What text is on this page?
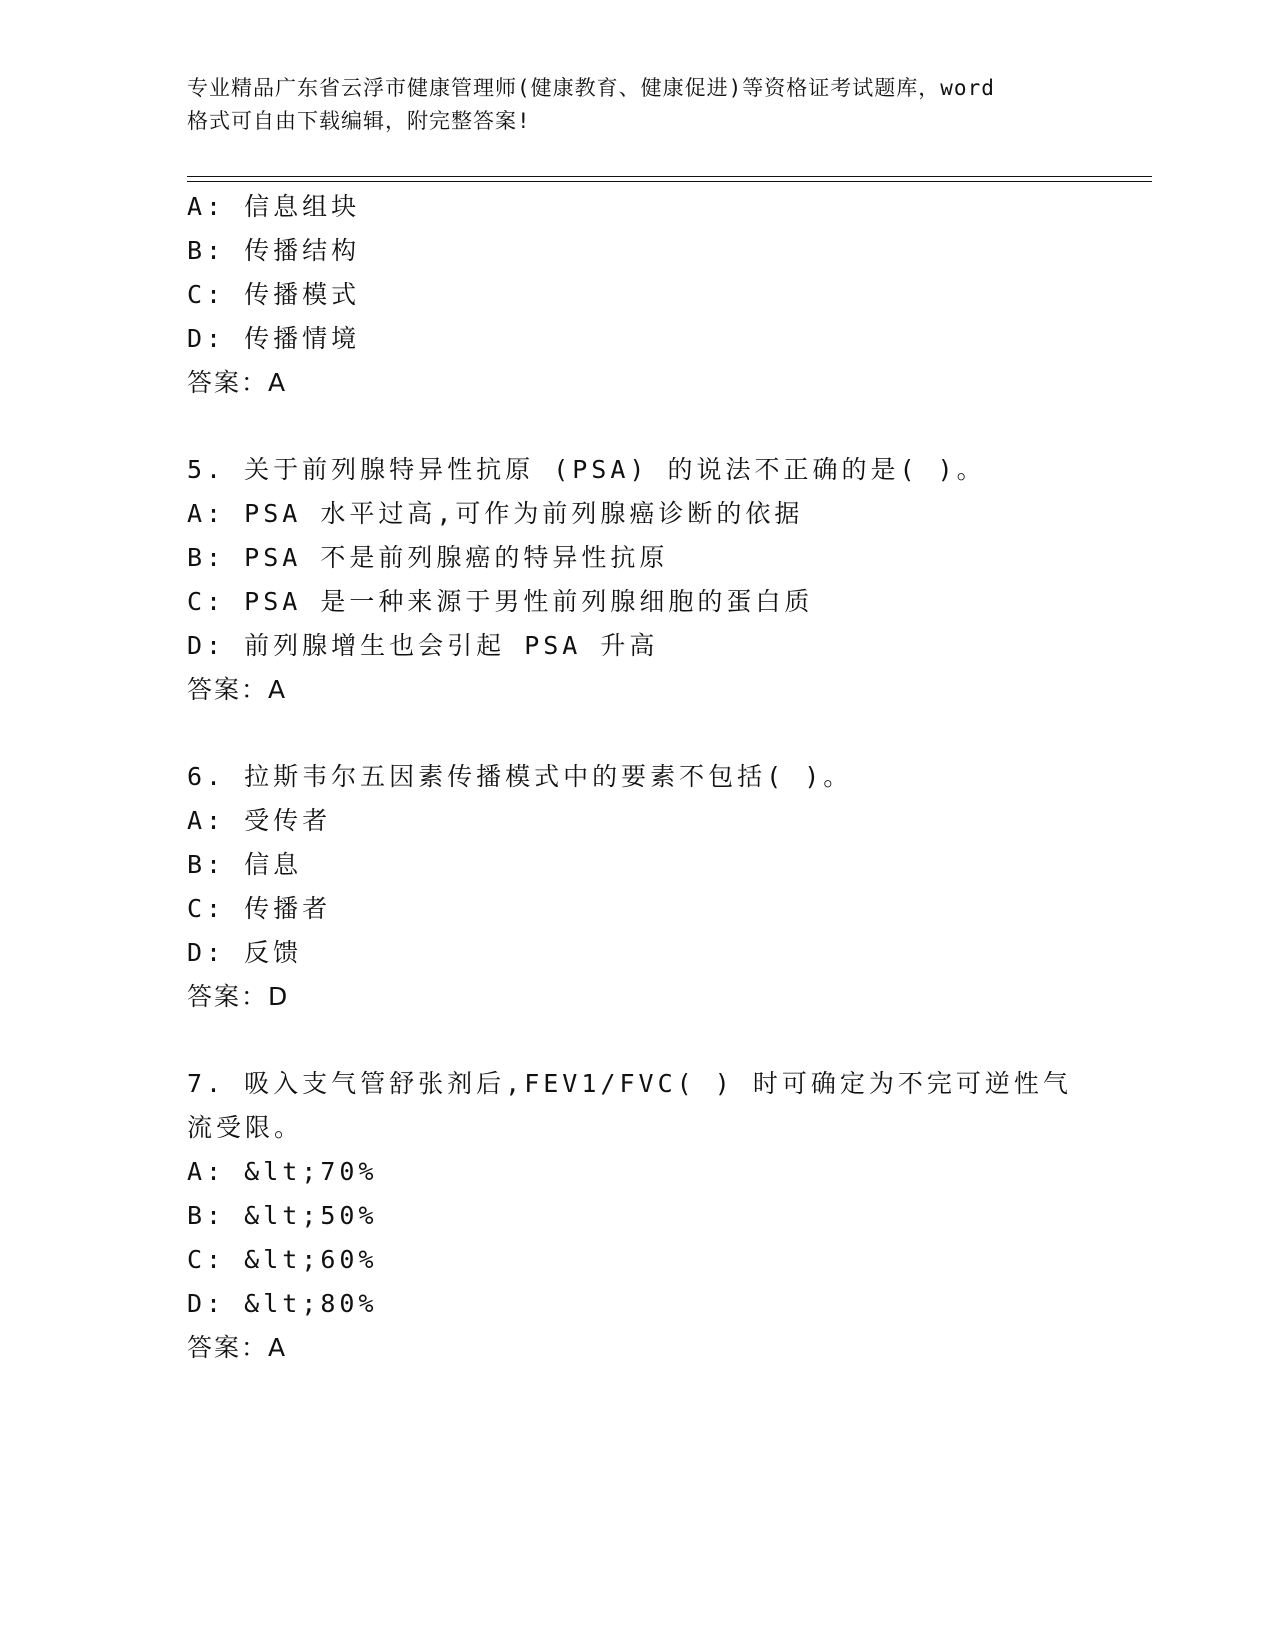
专业精品广东省云浮市健康管理师(健康教育、健康促进)等资格证考试题库，word
格式可自由下载编辑，附完整答案!
A: 信息组块
B: 传播结构
C: 传播模式
D: 传播情境
答案：A
5. 关于前列腺特异性抗原 (PSA) 的说法不正确的是( )。
A: PSA 水平过高,可作为前列腺癌诊断的依据
B: PSA 不是前列腺癌的特异性抗原
C: PSA 是一种来源于男性前列腺细胞的蛋白质
D: 前列腺增生也会引起 PSA 升高
答案：A
6. 拉斯韦尔五因素传播模式中的要素不包括( )。
A: 受传者
B: 信息
C: 传播者
D: 反馈
答案：D
7. 吸入支气管舒张剂后,FEV1/FVC( ) 时可确定为不完可逆性气
流受限。
A: &lt;70%
B: &lt;50%
C: &lt;60%
D: &lt;80%
答案：A
